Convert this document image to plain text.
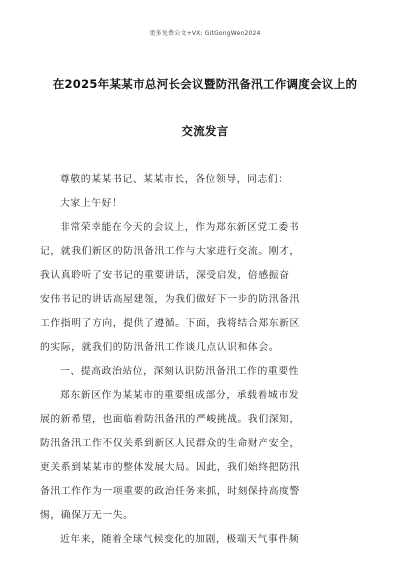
更多免费公文+VX: GitGongWen2024
在2025年某某市总河长会议暨防汛备汛工作调度会议上的
交流发言
尊敬的某某书记、某某市长，各位领导，同志们：
大家上午好！
非常荣幸能在今天的会议上，作为郑东新区党工委书
记，就我们新区的防汛备汛工作与大家进行交流。刚才，
我认真聆听了安书记的重要讲话，深受启发，倍感振奋
安伟书记的讲话高屋建瓴，为我们做好下一步的防汛备汛
工作指明了方向，提供了遵循。下面，我将结合郑东新区
的实际，就我们的防汛备汛工作谈几点认识和体会。
一、提高政治站位，深刻认识防汛备汛工作的重要性
郑东新区作为某某市的重要组成部分，承载着城市发
展的新希望，也面临着防汛备汛的严峻挑战。我们深知，
防汛备汛工作不仅关系到新区人民群众的生命财产安全，
更关系到某某市的整体发展大局。因此，我们始终把防汛
备汛工作作为一项重要的政治任务来抓，时刻保持高度警
惕，确保万无一失。
近年来，随着全球气候变化的加剧，极端天气事件频
